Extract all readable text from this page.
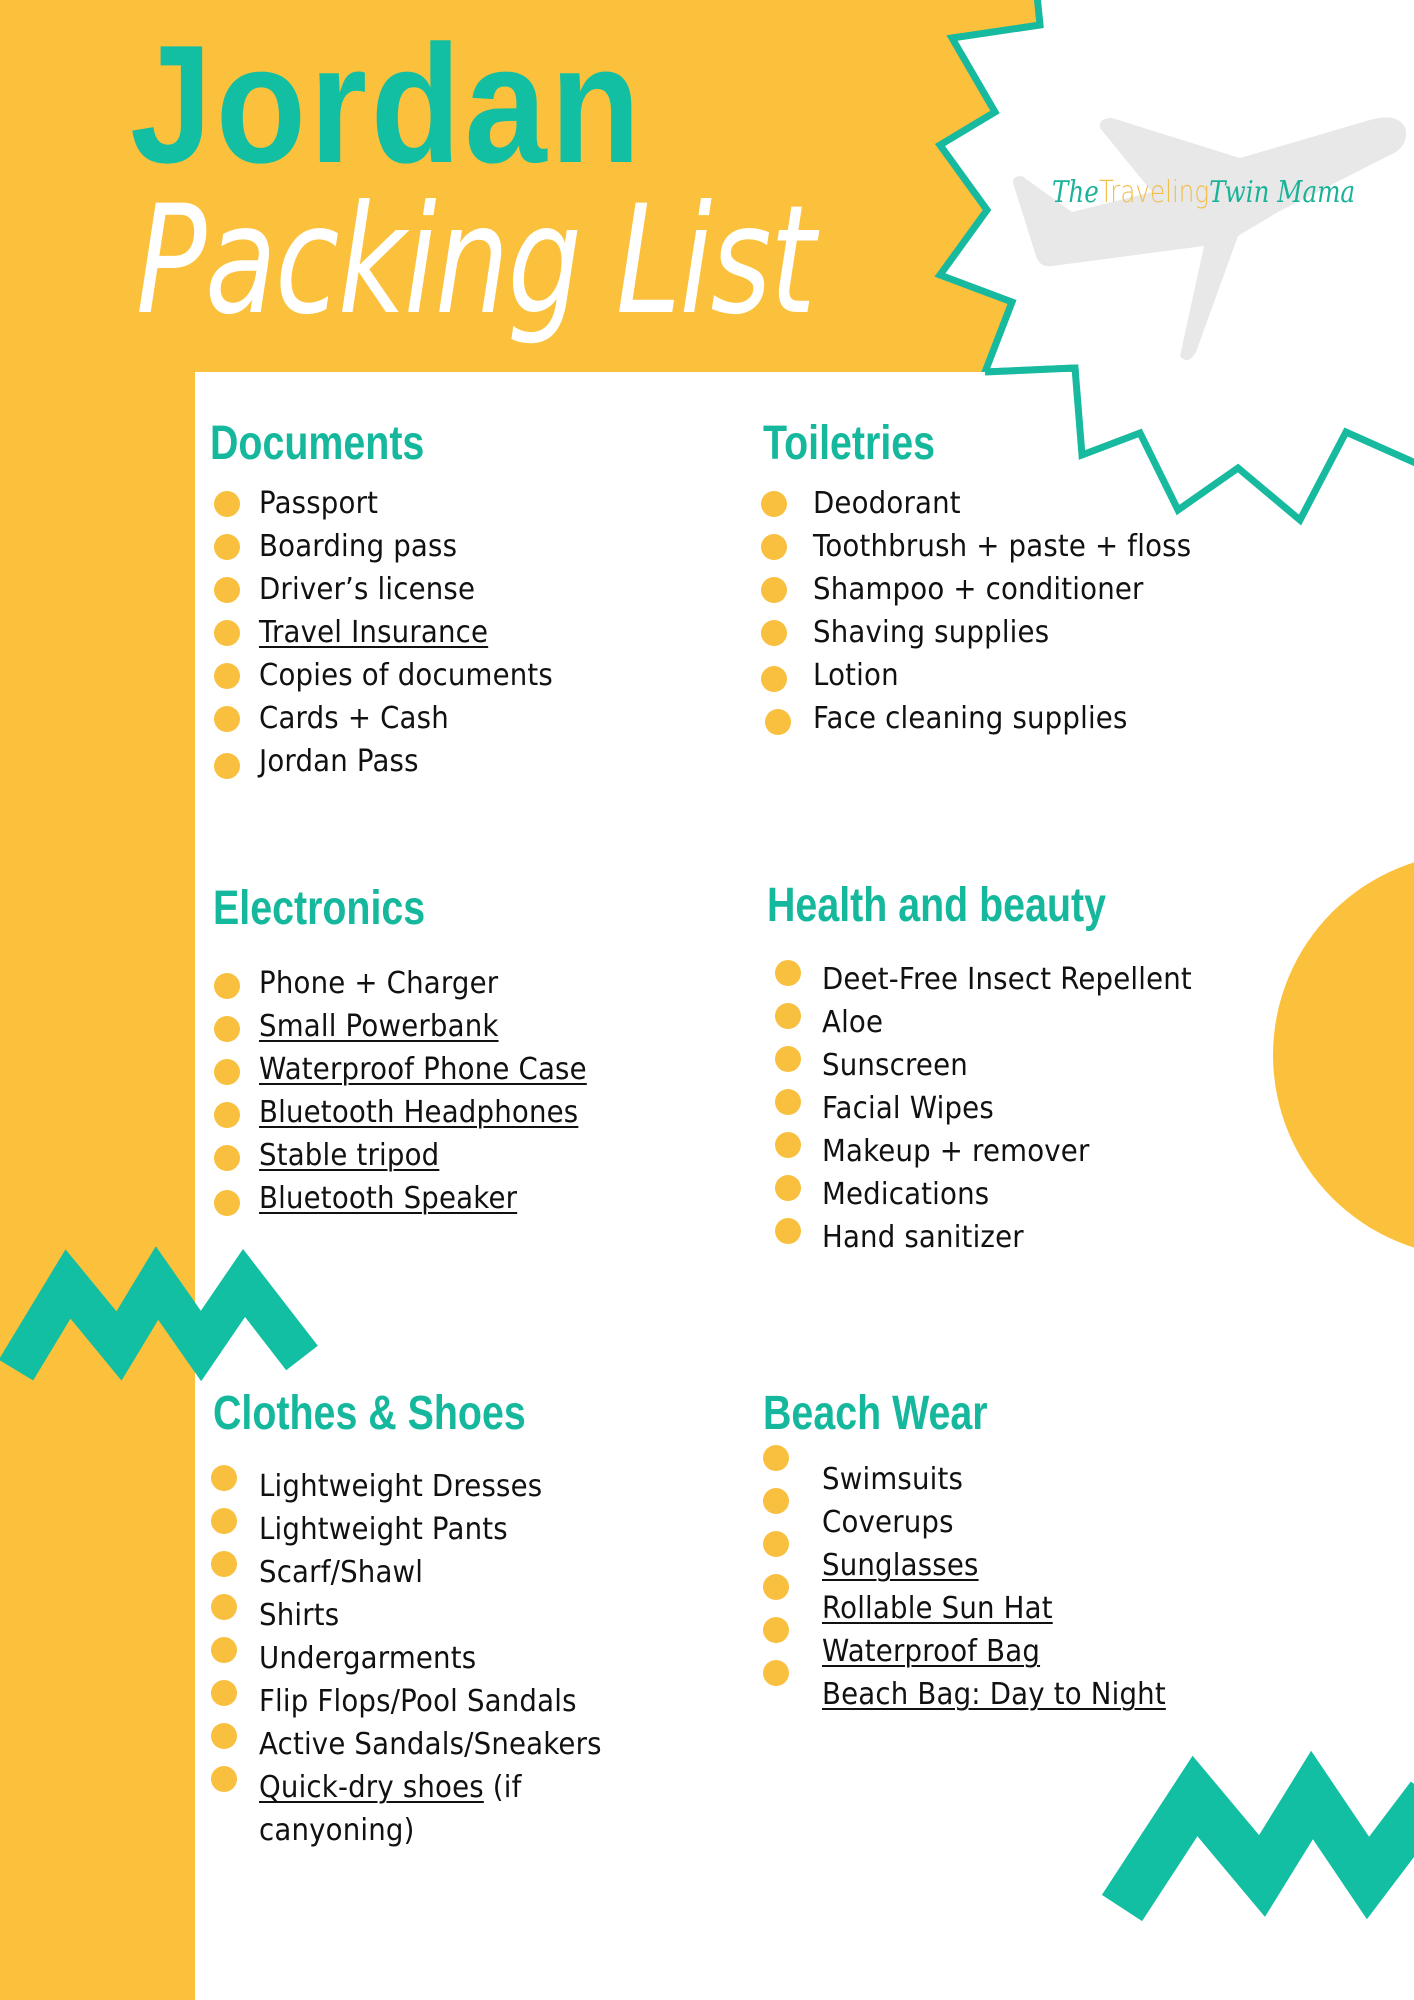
Jordan
Packing List	TheTravelingTwin Mama
Documents
Passport
Boarding pass
Driver’s license
Travel Insurance
Copies of documents
Cards + Cash
Jordan Pass
Toiletries
Deodorant
Toothbrush + paste + floss
Shampoo + conditioner
Shaving supplies
Lotion
Face cleaning supplies
Electronics
Phone + Charger
Small Powerbank
Waterproof Phone Case
Bluetooth Headphones
Stable tripod
Bluetooth Speaker
Health and beauty
Deet-Free Insect Repellent
Aloe
Sunscreen
Facial Wipes
Makeup + remover
Medications
Hand sanitizer
Clothes & Shoes
Lightweight Dresses
Lightweight Pants
Scarf/Shawl
Shirts
Undergarments
Flip Flops/Pool Sandals
Active Sandals/Sneakers
Quick-dry shoes (if
canyoning)
Beach Wear
Swimsuits
Coverups
Sunglasses
Rollable Sun Hat
Waterproof Bag
Beach Bag: Day to Night
